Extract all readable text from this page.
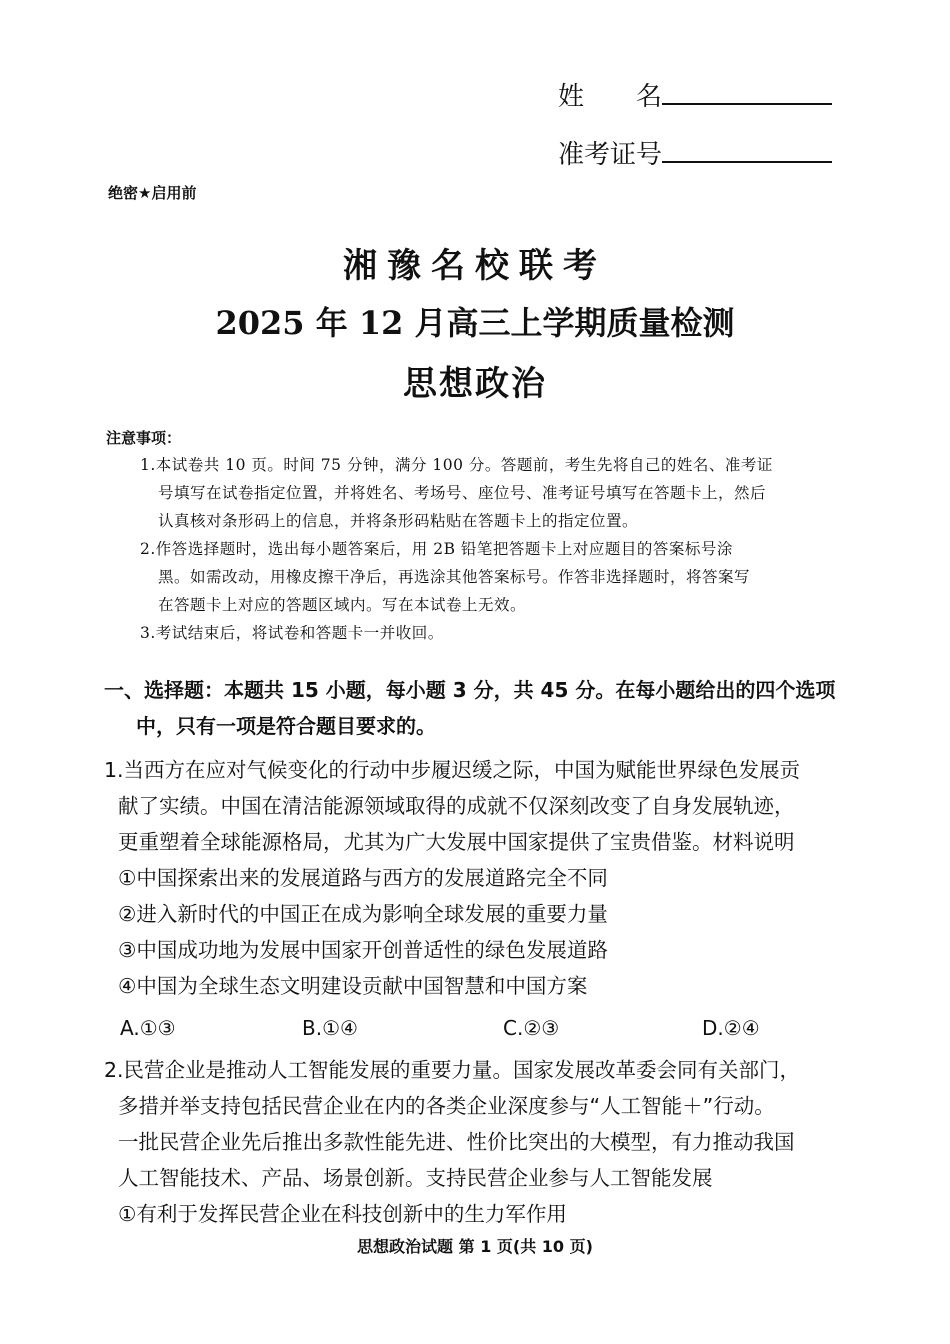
姓　　名
准考证号
绝密★启用前
湘豫名校联考
2025 年 12 月高三上学期质量检测
思想政治
注意事项：
1.本试卷共 10 页。时间 75 分钟，满分 100 分。答题前，考生先将自己的姓名、准考证
号填写在试卷指定位置，并将姓名、考场号、座位号、准考证号填写在答题卡上，然后
认真核对条形码上的信息，并将条形码粘贴在答题卡上的指定位置。
2.作答选择题时，选出每小题答案后，用 2B 铅笔把答题卡上对应题目的答案标号涂
黑。如需改动，用橡皮擦干净后，再选涂其他答案标号。作答非选择题时，将答案写
在答题卡上对应的答题区域内。写在本试卷上无效。
3.考试结束后，将试卷和答题卡一并收回。
一、选择题：本题共 15 小题，每小题 3 分，共 45 分。在每小题给出的四个选项
中，只有一项是符合题目要求的。
1.当西方在应对气候变化的行动中步履迟缓之际，中国为赋能世界绿色发展贡
献了实绩。中国在清洁能源领域取得的成就不仅深刻改变了自身发展轨迹，
更重塑着全球能源格局，尤其为广大发展中国家提供了宝贵借鉴。材料说明
①中国探索出来的发展道路与西方的发展道路完全不同
②进入新时代的中国正在成为影响全球发展的重要力量
③中国成功地为发展中国家开创普适性的绿色发展道路
④中国为全球生态文明建设贡献中国智慧和中国方案
A.①③	B.①④	C.②③	D.②④
2.民营企业是推动人工智能发展的重要力量。国家发展改革委会同有关部门，
多措并举支持包括民营企业在内的各类企业深度参与“人工智能＋”行动。
一批民营企业先后推出多款性能先进、性价比突出的大模型，有力推动我国
人工智能技术、产品、场景创新。支持民营企业参与人工智能发展
①有利于发挥民营企业在科技创新中的生力军作用
思想政治试题 第 1 页(共 10 页)
